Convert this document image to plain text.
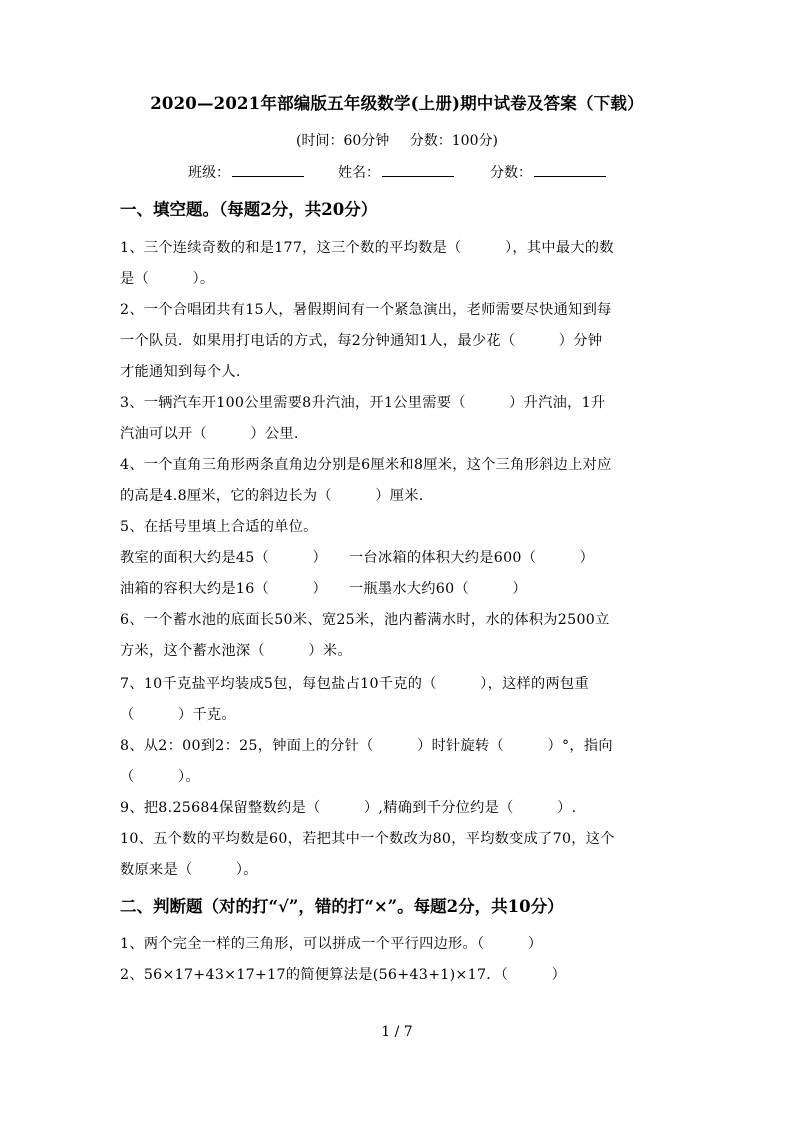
2020—2021年部编版五年级数学(上册)期中试卷及答案（下载）
(时间：60分钟 分数：100分)
班级：	姓名：	分数：
一、填空题。（每题2分，共20分）
1、三个连续奇数的和是177，这三个数的平均数是（　　　），其中最大的数
是（　　　）。
2、一个合唱团共有15人，暑假期间有一个紧急演出，老师需要尽快通知到每
一个队员．如果用打电话的方式，每2分钟通知1人，最少花（　　　）分钟
才能通知到每个人.
3、一辆汽车开100公里需要8升汽油，开1公里需要（　　　）升汽油，1升
汽油可以开（　　　）公里.
4、一个直角三角形两条直角边分别是6厘米和8厘米，这个三角形斜边上对应
的高是4.8厘米，它的斜边长为（　　　）厘米.
5、在括号里填上合适的单位。
教室的面积大约是45（　　　）　　一台冰箱的体积大约是600（　　　）
油箱的容积大约是16（　　　）　　一瓶墨水大约60（　　　）
6、一个蓄水池的底面长50米、宽25米，池内蓄满水时，水的体积为2500立
方米，这个蓄水池深（　　　）米。
7、10千克盐平均装成5包，每包盐占10千克的（　　　），这样的两包重
（　　　）千克。
8、从2：00到2：25，钟面上的分针（　　　）时针旋转（　　　）°，指向
（　　　）。
9、把8.25684保留整数约是（　　　）,精确到千分位约是（　　　）.
10、五个数的平均数是60，若把其中一个数改为80，平均数变成了70，这个
数原来是（　　　）。
二、判断题（对的打“√”，错的打“×”。每题2分，共10分）
1、两个完全一样的三角形，可以拼成一个平行四边形。（　　　）
2、56×17+43×17+17的简便算法是(56+43+1)×17．（　　　）
1 / 7
